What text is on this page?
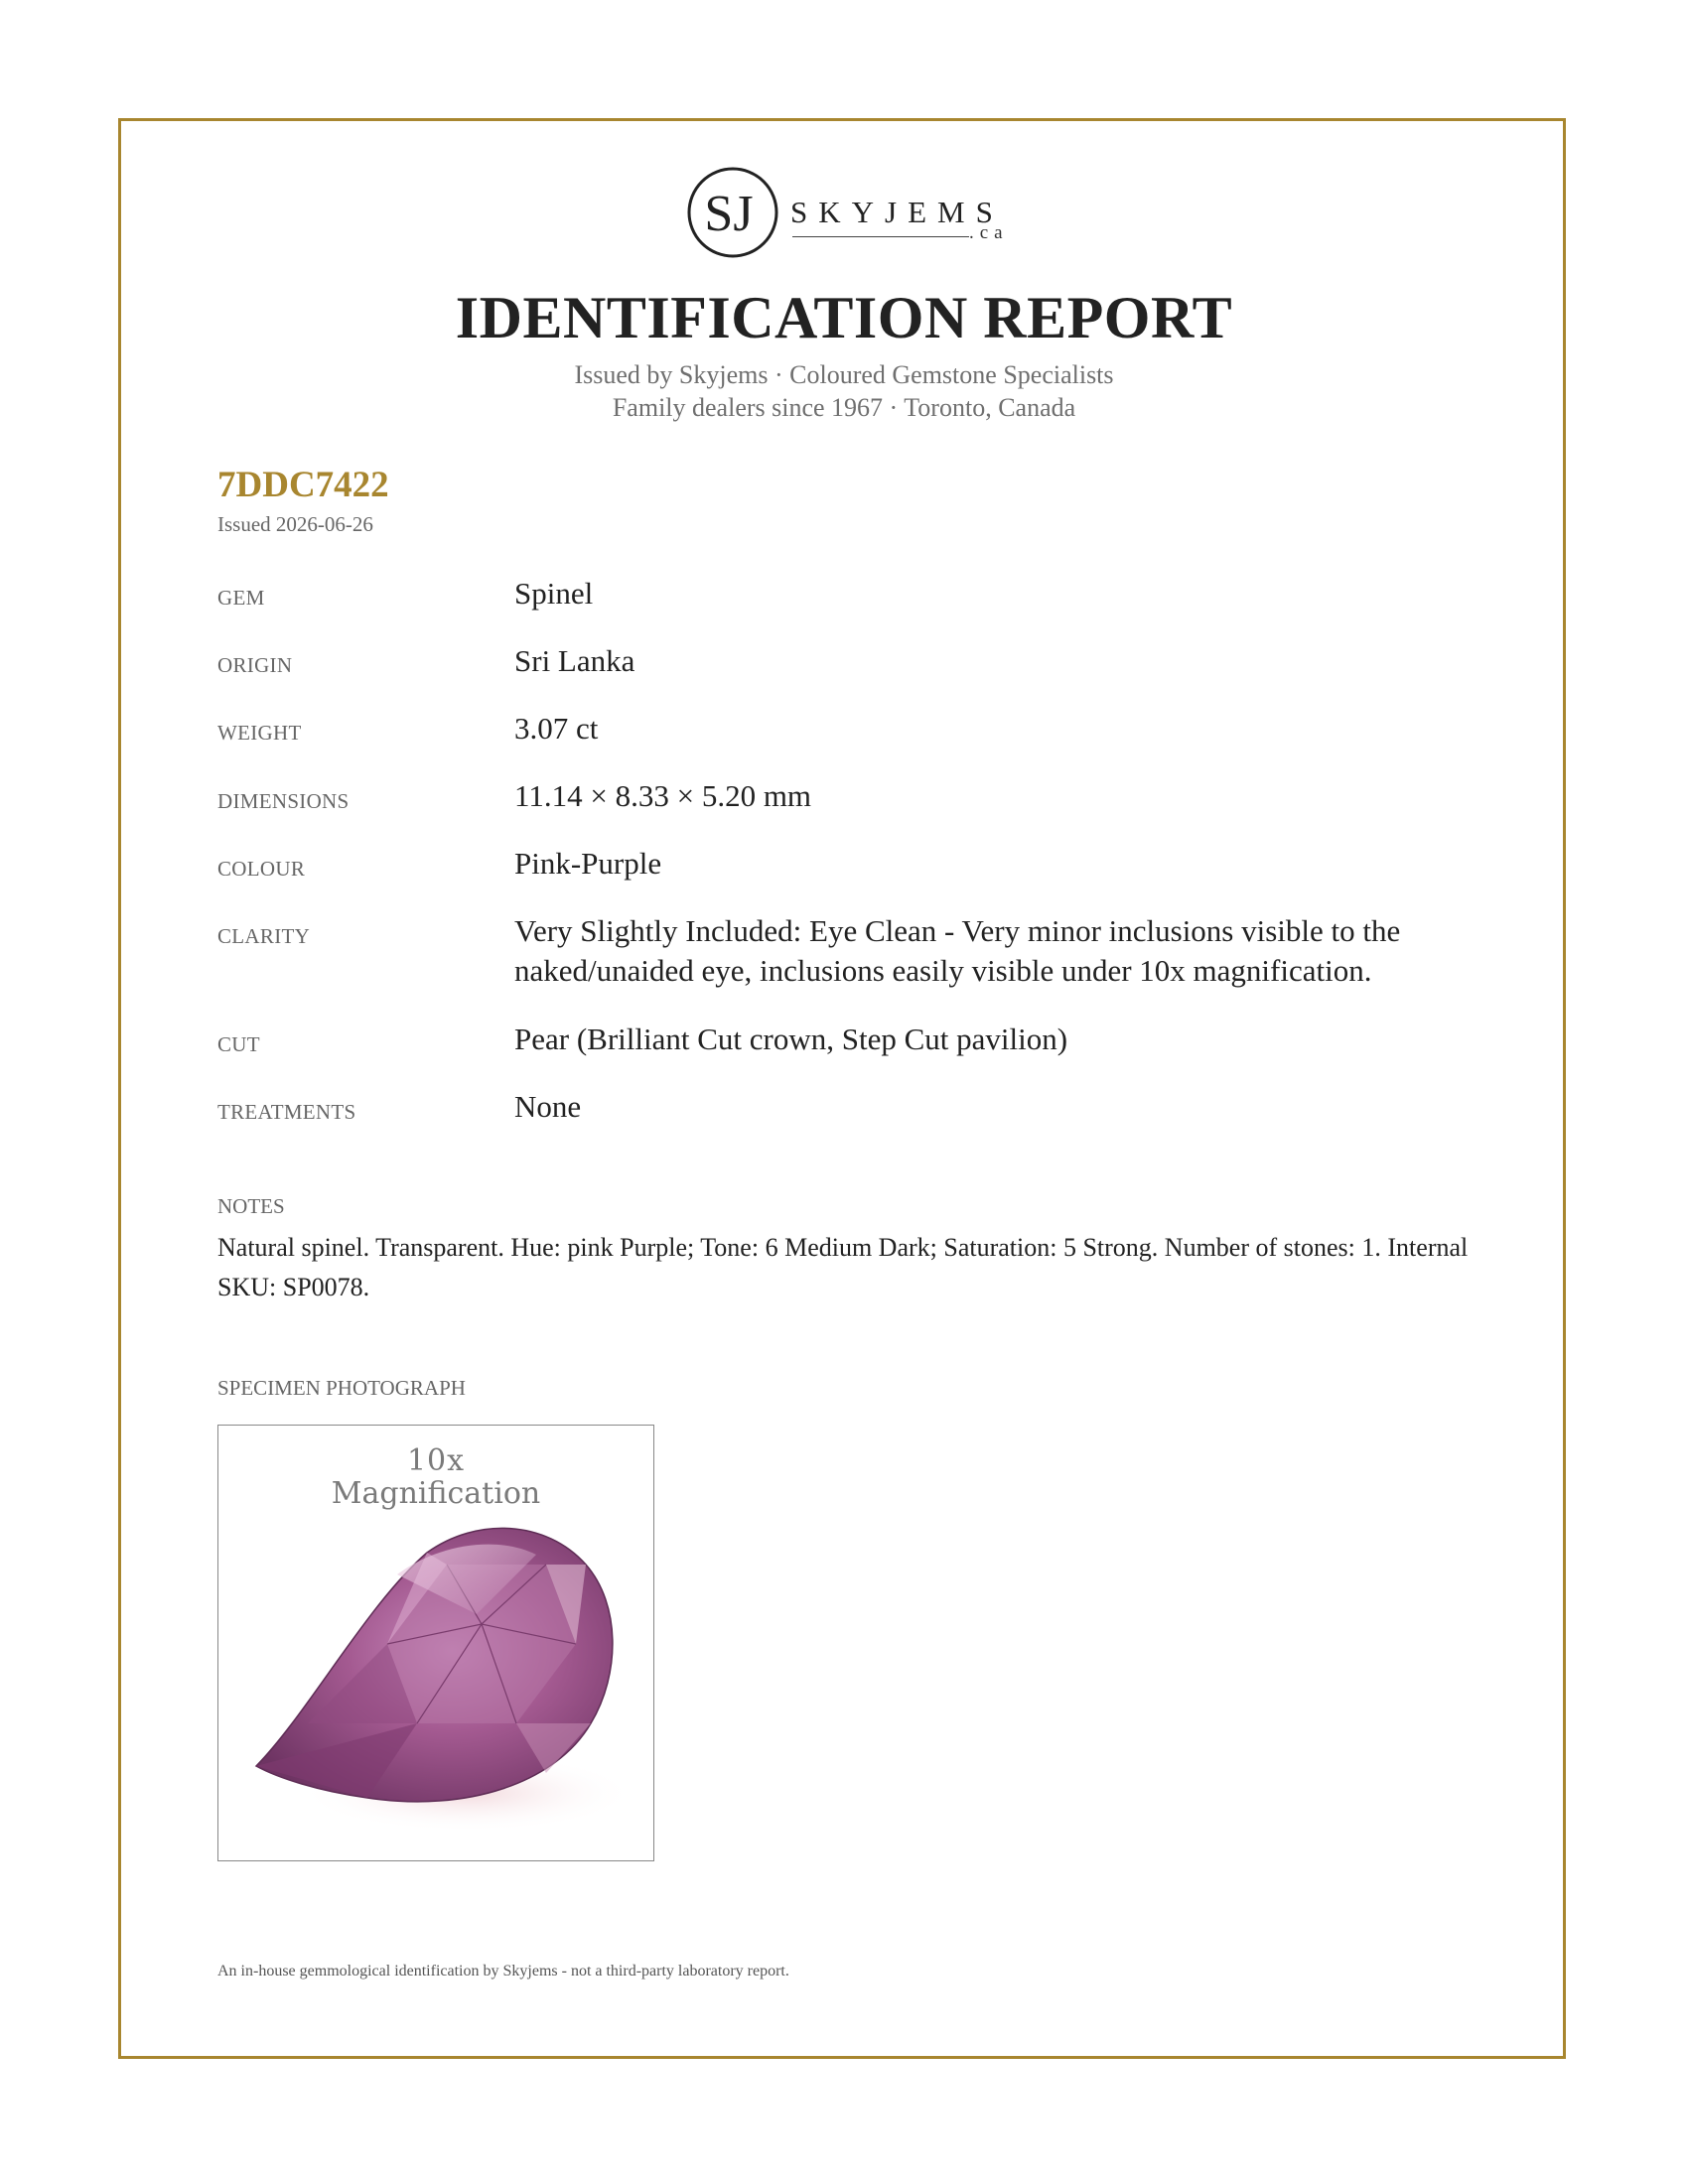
SJ SKYJEMS
.ca
IDENTIFICATION REPORT
Issued by Skyjems · Coloured Gemstone Specialists
Family dealers since 1967 · Toronto, Canada
7DDC7422
Issued 2026-06-26
GEM	Spinel
ORIGIN	Sri Lanka
WEIGHT	3.07 ct
DIMENSIONS	11.14 × 8.33 × 5.20 mm
COLOUR	Pink-Purple
CLARITY	Very Slightly Included: Eye Clean - Very minor inclusions visible to the naked/unaided eye, inclusions easily visible under 10x magnification.
CUT	Pear (Brilliant Cut crown, Step Cut pavilion)
TREATMENTS	None
NOTES
Natural spinel. Transparent. Hue: pink Purple; Tone: 6 Medium Dark; Saturation: 5 Strong. Number of stones: 1. Internal SKU: SP0078.
SPECIMEN PHOTOGRAPH
10x
Magnification
An in-house gemmological identification by Skyjems - not a third-party laboratory report.
